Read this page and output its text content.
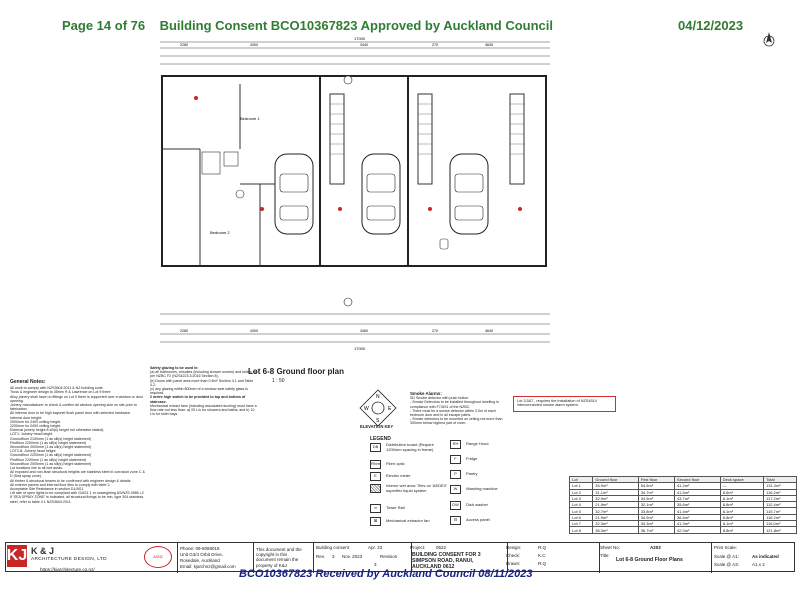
Page 14 of 76 Building Consent BCO10367823 Approved by Auckland Council	04/12/2023
Bedroom 1
Bedroom 2
17000
17000
2280	4300	3440	270	4645
2280	4300	3460	270	4640
Lot 6-8 Ground floor plan
1 : 50
General Notes:
All work to comply with NZS3604:2011 & NZ building code.
Truss & engineer design to 35mm H & Lawrence on Lot 9 there
Alloy joinery shall have no fittings on Lot 9 there is supported over a window or door opening.
Joinery manufacturer to check & confirm all window opening size on site prior to fabrication.
All internal door to be high bayonet flush panel door with selected hardware.
Internal door height:
2000mm for 2400 ceiling height.
2200mm for 2400 ceiling height.
External joinery height 8 sill(s) height not otherwise stated):
LOT1: Joinery head height
Groundfloor 2100mm (1 as sill(s) height statement)
Firstfloor 2200mm (1 as sill(s) height statement)
Secondfloor 2000mm (1 as sill(s) height statement)
LOT2-8: Joinery head height
Groundfloor 2200mm (1 as sill(s) height statement)
Firstfloor 2200mm (1 as sill(s) height statement)
Secondfloor 2000mm (1 as sill(s) height statement)
Lot locations line to all wet areas.
All exposed and non-flush structural heights are stainless steel in corrosion zone C & D (Sea spray zone).
All timber & structural beams to be confirmed with engineer design & details.
All exterior pavers and internal floor tiles to comply with table 2.
Acceptable Site Resistance in section D1/AS1.
Lift rate of open lights to be compliant with G/AS1 1 m unweighting AS/NZS 4586 I-2
If 'SEA SPRAY ZONE' is indicated, all structural fixings to be min. type 304 stainless steel, refer to table 4.1 NZS3604:2011.
Safety glazing to be used in:
(a) all bathrooms, ensuites (including shower screen) and toilets as per NZBC F2 (NZS4223.3:2016 Section 8),
(b) Doors with panel area more than 0.5m² Section 4.1 and Table 4.2,
(c) any glazing within 800mm of a window seat safety glass is required.
2 metre high switch to be provided to top and bottom of staircase.
Mechanical extract fans (including associated ducting) must have a flow rate not less than: a) 25 L/s for showers and baths; and b) 10 L/s for toilet bays.
N
S
W	E
ELEVATION KEY
Smoke Alarms:
SD Smoke detector with push button
- Smoke Detectors to be installed throughout dwelling in compliance with F7/AS1 of the NZBC.
- There must be a smoke detector within 3.0m of each bedroom door and in all escape paths.
- Smoke detectors to be mounted on ceiling not more than 300mm below highest part of room.
Lot 3,5&7 , requires the installation of NZS4514 interconnected smoke alarm system.
LEGEND
DB	Distribution board (Require 1200mm spacing in frame)
Fibre Fibre optic
E	Electric meter
Interior wet area: Tiles on 'AEDEX' superflex liquid system
═	Tower Rail
⊠	Mechanical extractor fan
RH	Range Hood
F	Fridge
P	Pantry
W	Washing machine
DW	Dish washer
⊟	Access panel
Lot	Ground floor	First floor	Second floor	Deck space	Total
Lot 1	34.9m²	54.6m²	41.2m²	—	131.2m²
Lot 2	31.1m²	34.7m²	41.5m²	8.6m²	116.2m²
Lot 3	32.9m²	34.5m²	43.7m²	8.1m²	117.2m²
Lot 4	21.9m²	32.1m²	35.6m²	8.8m²	112.4m²
Lot 5	32.7m²	33.8m²	41.4m²	8.1m²	115.7m²
Lot 6	21.9m²	34.5m²	36.6m²	8.8m²	116.2m²
Lot 7	32.3m²	34.3m²	41.3m²	8.1m²	116.0m²
Lot 8	36.3m²	36.7m²	42.0m²	8.8m²	121.8m²
KJ K & J
ARCHITECTURE DESIGN, LTD
https://kjarchitecture.co.nz/
ADNZ
Phone: 09-5088018
Unit G3/4 Orbit Drive,
Rosedale, Auckland
Email: kjarchnz@gmail.com
This document and the copyright in this document remain the property of K&J
Building consent	Apr. 23
Rev. 3 Nov. 2023	Revision
3
Project: 0522
BUILDING CONSENT FOR 3 SIMPSON ROAD, RANUI, AUCKLAND 0612
Design:	R.Q
Check:	K.C
Drawn:	R.Q
Sheet No:	A203
Title:
Lot 6-8 Ground Floor Plans
Print Scale:
Scale @ A1:	As indicated
Scale @ A3:	A1 x 2
BCO10367823 Received by Auckland Council 08/11/2023
